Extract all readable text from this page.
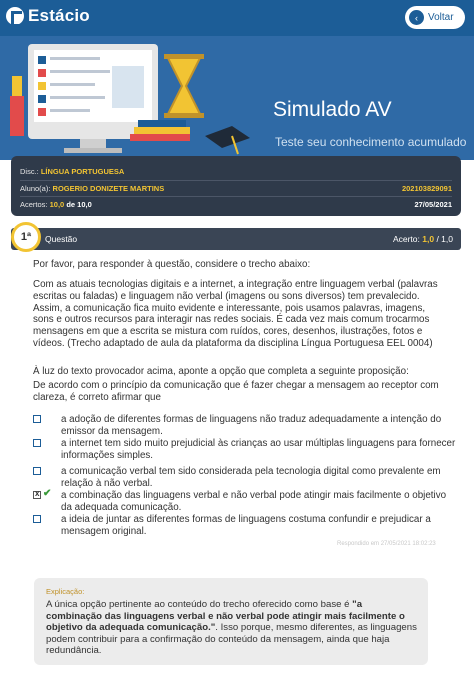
Estácio	‹	Voltar
Simulado AV
Teste seu conhecimento acumulado
Disc.: LÍNGUA PORTUGUESA
Aluno(a): ROGERIO DONIZETE MARTINS	202103829091
Acertos: 10,0 de 10,0	27/05/2021
1ª	Questão	Acerto: 1,0 / 1,0
Por favor, para responder à questão, considere o trecho abaixo:
Com as atuais tecnologias digitais e a internet, a integração entre linguagem verbal (palavras escritas ou faladas) e linguagem não verbal (imagens ou sons diversos) tem prevalecido. Assim, a comunicação fica muito evidente e interessante, pois usamos palavras, imagens, sons e outros recursos para interagir nas redes sociais. É cada vez mais comum trocarmos mensagens em que a escrita se mistura com ruídos, cores, desenhos, ilustrações, fotos e vídeos. (Trecho adaptado de aula da plataforma da disciplina Língua Portuguesa EEL 0004)
À luz do texto provocador acima, aponte a opção que completa a seguinte proposição:
De acordo com o princípio da comunicação que é fazer chegar a mensagem ao receptor com clareza, é correto afirmar que
a adoção de diferentes formas de linguagens não traduz adequadamente a intenção do emissor da mensagem.
a internet tem sido muito prejudicial às crianças ao usar múltiplas linguagens para fornecer informações simples.
a comunicação verbal tem sido considerada pela tecnologia digital como prevalente em relação à não verbal.
x
✔ a combinação das linguagens verbal e não verbal pode atingir mais facilmente o objetivo da adequada comunicação.
a ideia de juntar as diferentes formas de linguagens costuma confundir e prejudicar a mensagem original.
Respondido em 27/05/2021 18:02:23
Explicação:
A única opção pertinente ao conteúdo do trecho oferecido como base é "a combinação das linguagens verbal e não verbal pode atingir mais facilmente o objetivo da adequada comunicação.". Isso porque, mesmo diferentes, as linguagens podem contribuir para a confirmação do conteúdo da mensagem, ainda que haja redundância.
